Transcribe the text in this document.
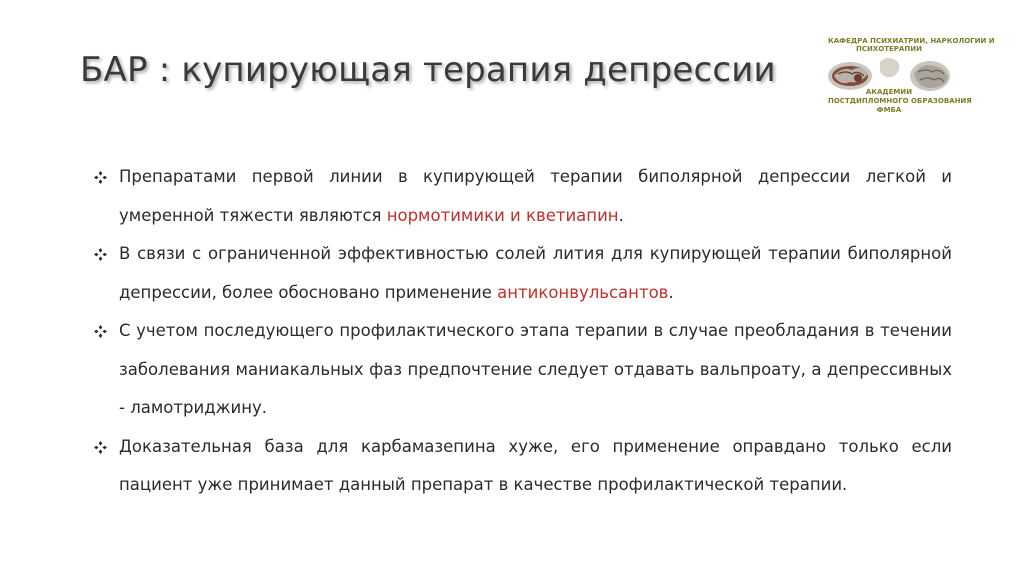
БАР : купирующая терапия депрессии
КАФЕДРА ПСИХИАТРИИ, НАРКОЛОГИИ И
ПСИХОТЕРАПИИ
АКАДЕМИИ
ПОСТДИПЛОМНОГО ОБРАЗОВАНИЯ
ФМБА
Препаратами первой линии в купирующей терапии биполярной депрессии легкой и умеренной тяжести являются нормотимики и кветиапин.
В связи с ограниченной эффективностью солей лития для купирующей терапии биполярной депрессии, более обосновано применение антиконвульсантов.
С учетом последующего профилактического этапа терапии в случае преобладания в течении заболевания маниакальных фаз предпочтение следует отдавать вальпроату, а депрессивных - ламотриджину.
Доказательная база для карбамазепина хуже, его применение оправдано только если пациент уже принимает данный препарат в качестве профилактической терапии.
